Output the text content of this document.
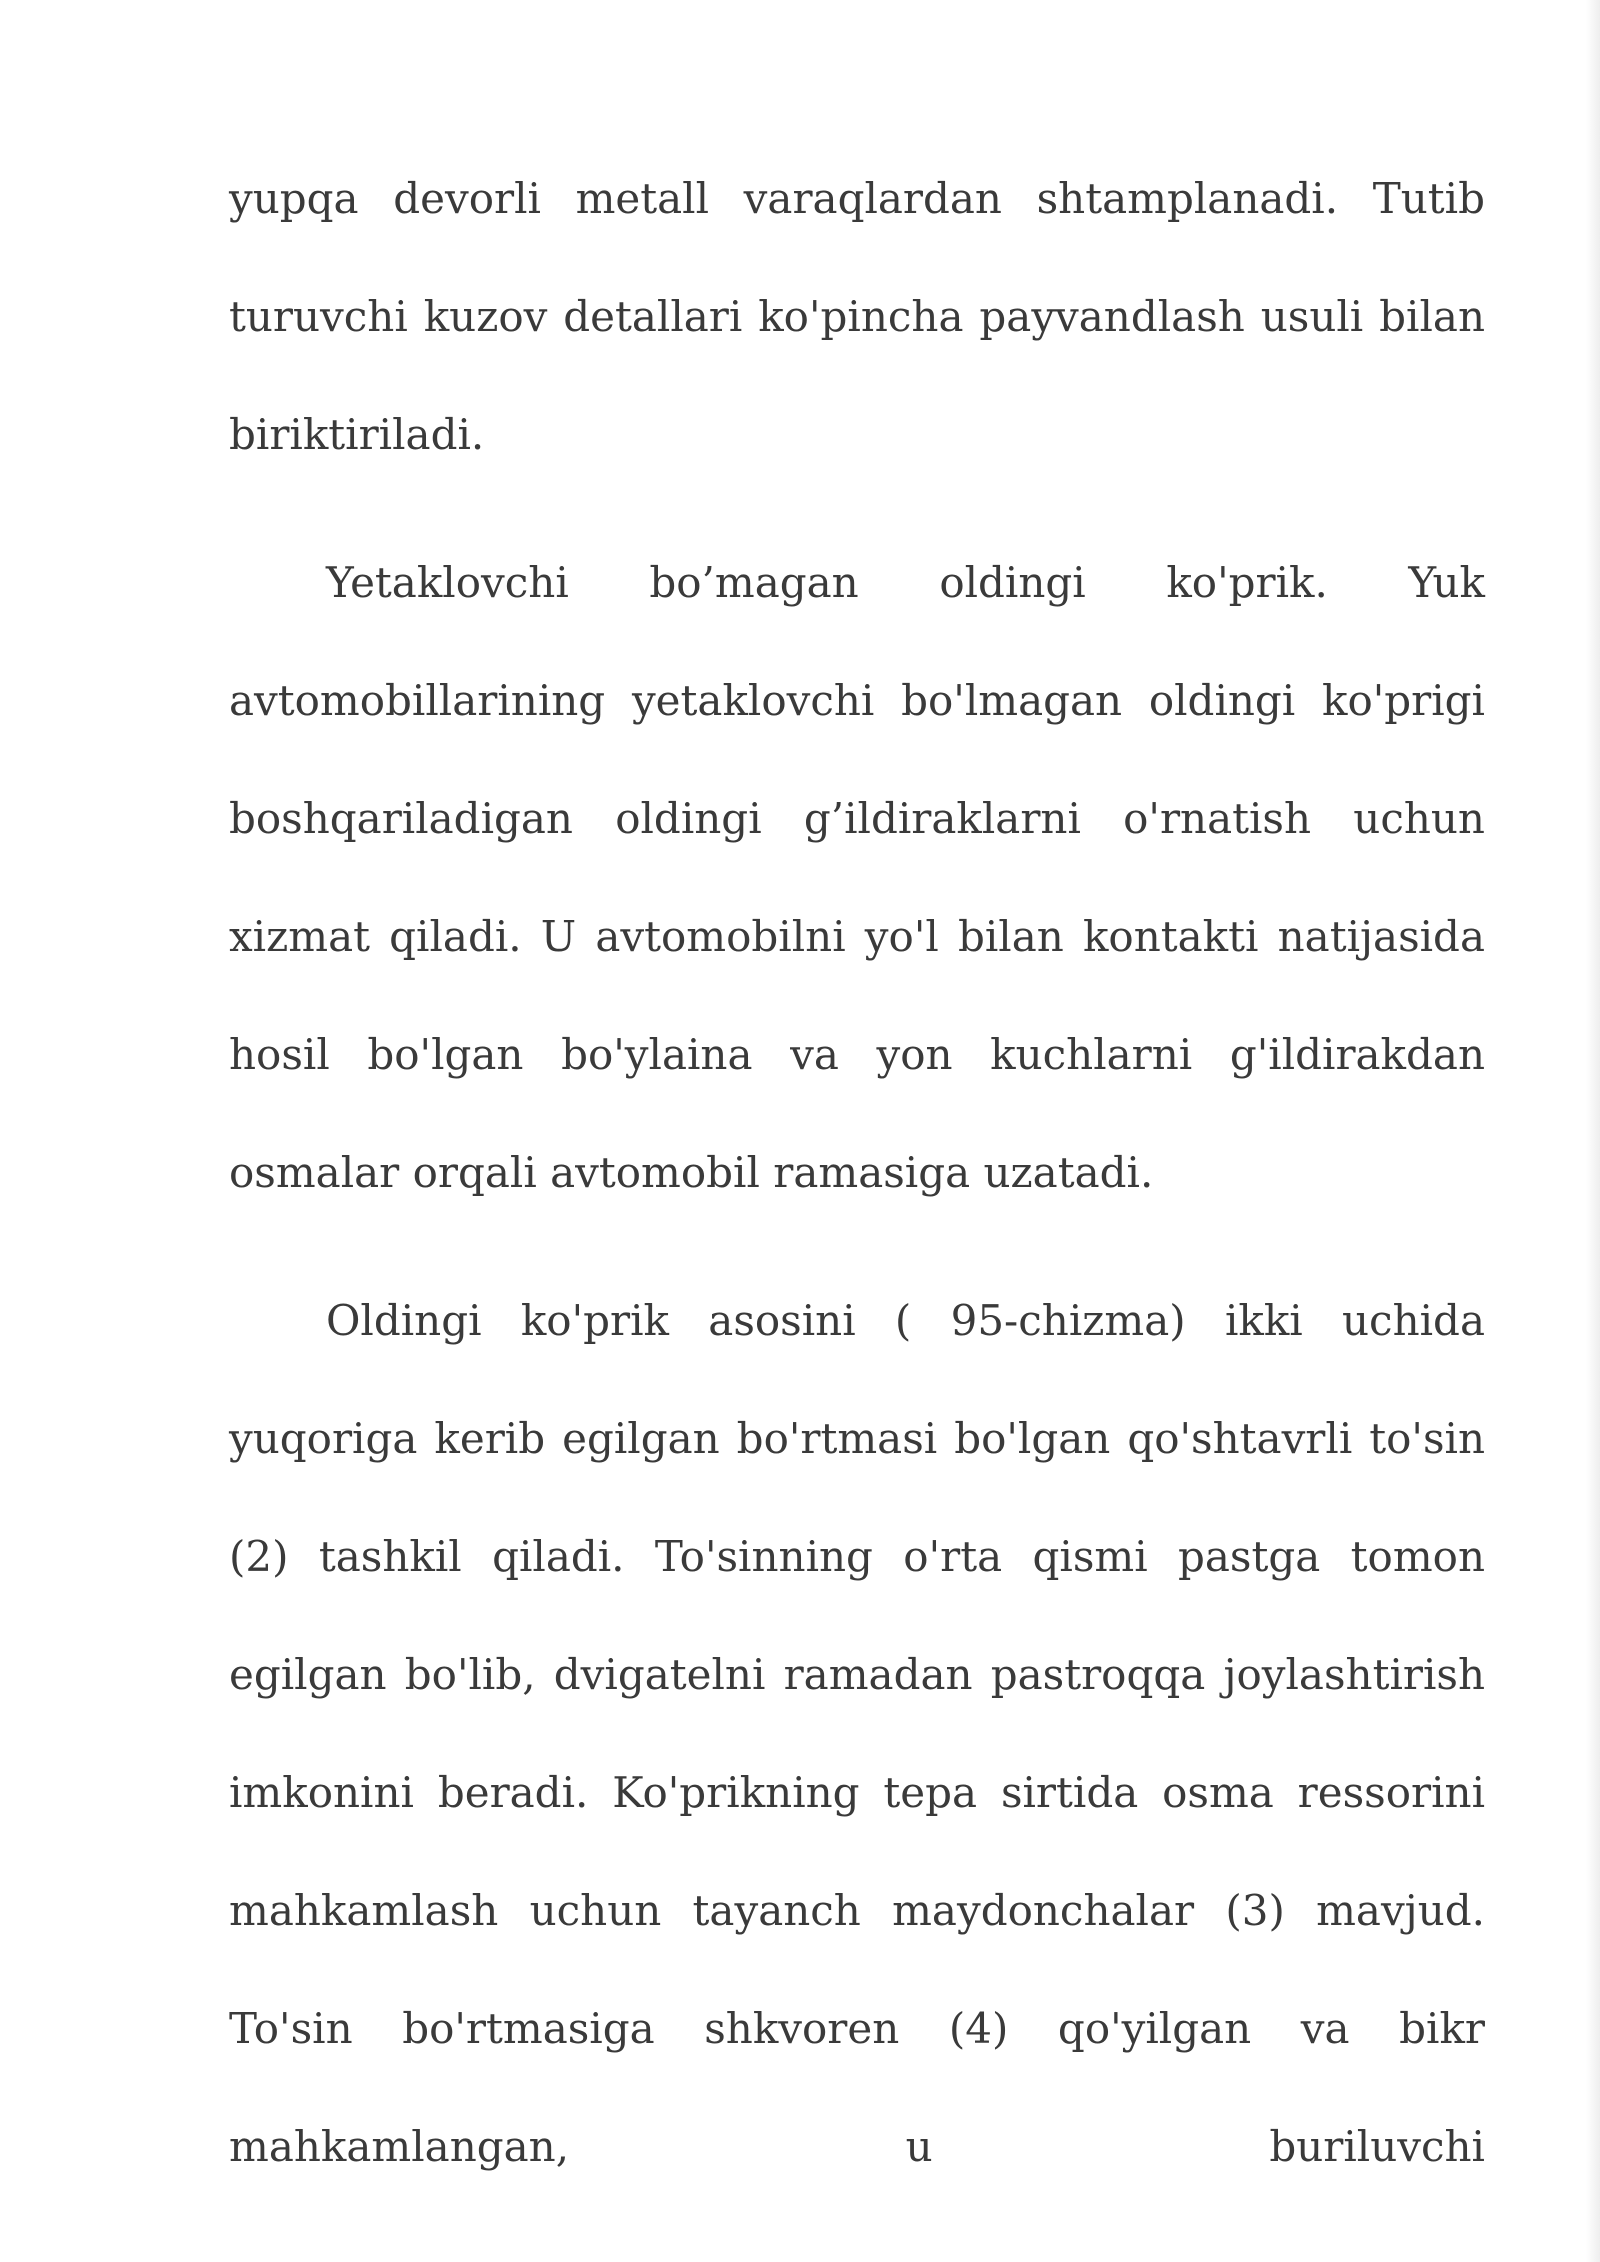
yupqa devorli metall varaqlardan shtamplanadi. Tutib turuvchi kuzov detallari ko'pincha payvandlash usuli bilan biriktiriladi.

Yetaklovchi bo’magan oldingi ko'prik. Yuk avtomobillarining yetaklovchi bo'lmagan oldingi ko'prigi boshqariladigan oldingi g’ildiraklarni o'rnatish uchun xizmat qiladi. U avtomobilni yo'l bilan kontakti natijasida hosil bo'lgan bo'ylaina va yon kuchlarni g'ildirakdan osmalar orqali avtomobil ramasiga uzatadi.

Oldingi ko'prik asosini ( 95-chizma) ikki uchida yuqoriga kerib egilgan bo'rtmasi bo'lgan qo'shtavrli to'sin (2) tashkil qiladi. To'sinning o'rta qismi pastga tomon egilgan bo'lib, dvigatelni ramadan pastroqqa joylashtirish imkonini beradi. Ko'prikning tepa sirtida osma ressorini mahkamlash uchun tayanch maydonchalar (3) mavjud. To'sin bo'rtmasiga shkvoren (4) qo'yilgan va bikr mahkamlangan, u buriluvchi
